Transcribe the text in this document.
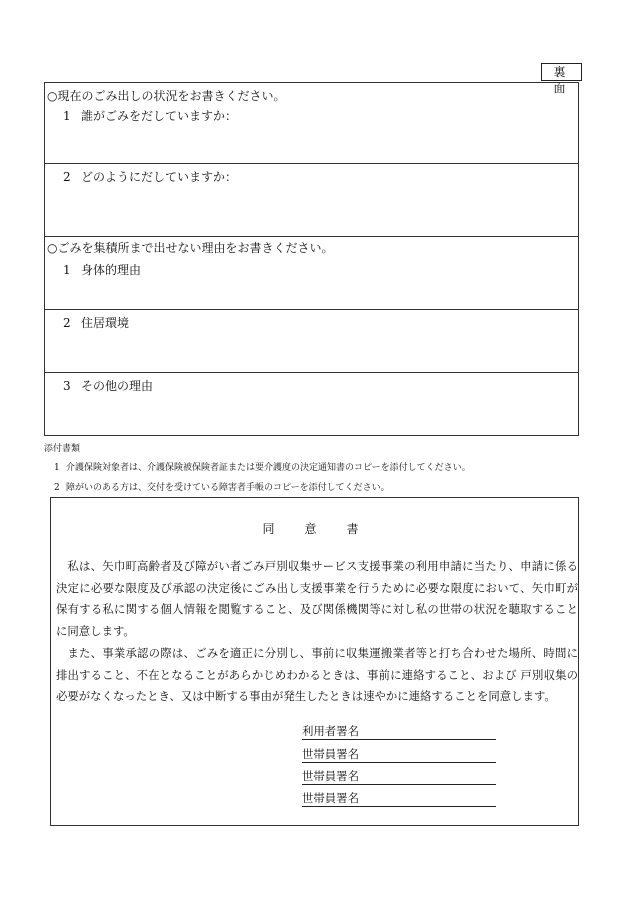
裏　面
○現在のごみ出しの状況をお書きください。
1 誰がごみをだしていますか：
2 どのようにだしていますか：
○ごみを集積所まで出せない理由をお書きください。
1 身体的理由
2 住居環境
3 その他の理由
添付書類
1 介護保険対象者は、介護保険被保険者証または要介護度の決定通知書のコピーを添付してください。
2 障がいのある方は、交付を受けている障害者手帳のコピーを添付してください。
同　意　書

私は、矢巾町高齢者及び障がい者ごみ戸別収集サービス支援事業の利用申請に当たり、申請に係る決定に必要な限度及び承認の決定後にごみ出し支援事業を行うために必要な限度において、矢巾町が保有する私に関する個人情報を閲覧すること、及び関係機関等に対し私の世帯の状況を聴取することに同意します。

また、事業承認の際は、ごみを適正に分別し、事前に収集運搬業者等と打ち合わせた場所、時間に排出すること、不在となることがあらかじめわかるときは、事前に連絡すること、および 戸別収集の必要がなくなったとき、又は中断する事由が発生したときは速やかに連絡することを同意します。

利用者署名
世帯員署名
世帯員署名
世帯員署名
